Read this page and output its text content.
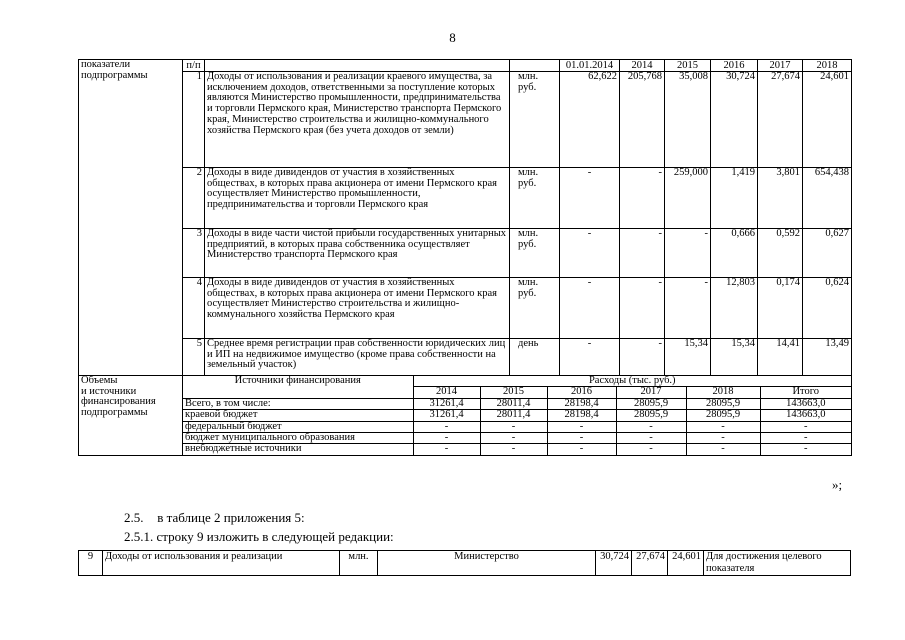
8
показатели
подпрограммы	п/п			01.01.2014	2014	2015	2016	2017	2018
1	Доходы от использования и реализации краевого имущества, за исключением доходов, ответственными за поступление которых являются Министерство промышленности, предпринимательства и торговли Пермского края, Министерство транспорта Пермского края, Министерство строительства и жилищно-коммунального хозяйства Пермского края (без учета доходов от земли)	млн.
руб.	62,622	205,768	35,008	30,724	27,674	24,601
2	Доходы в виде дивидендов от участия в хозяйственных обществах, в которых права акционера от имени Пермского края осуществляет Министерство промышленности, предпринимательства и торговли Пермского края	млн.
руб.	-	-	259,000	1,419	3,801	654,438
3	Доходы в виде части чистой прибыли государственных унитарных предприятий, в которых права собственника осуществляет Министерство транспорта Пермского края	млн.
руб.	-	-	-	0,666	0,592	0,627
4	Доходы в виде дивидендов от участия в хозяйственных обществах, в которых права акционера от имени Пермского края осуществляет Министерство строительства и жилищно-коммунального хозяйства Пермского края	млн.
руб.	-	-	-	12,803	0,174	0,624
5	Среднее время регистрации прав собственности юридических лиц и ИП на недвижимое имущество (кроме права собственности на земельный участок)	день	-	-	15,34	15,34	14,41	13,49
Объемы
и источники
финансирования
подпрограммы	
Источники финансирования	Расходы (тыс. руб.)
2014	2015	2016	2017	2018	Итого
Всего, в том числе:	31261,4	28011,4	28198,4	28095,9	28095,9	143663,0
краевой бюджет	31261,4	28011,4	28198,4	28095,9	28095,9	143663,0
федеральный бюджет	-	-	-	-	-	-
бюджет муниципального образования	-	-	-	-	-	-
внебюджетные источники	-	-	-	-	-	-
»;
2.5. в таблице 2 приложения 5:
2.5.1. строку 9 изложить в следующей редакции:
9	Доходы от использования и реализации	млн.	Министерство	30,724	27,674	24,601	Для достижения целевого показателя
